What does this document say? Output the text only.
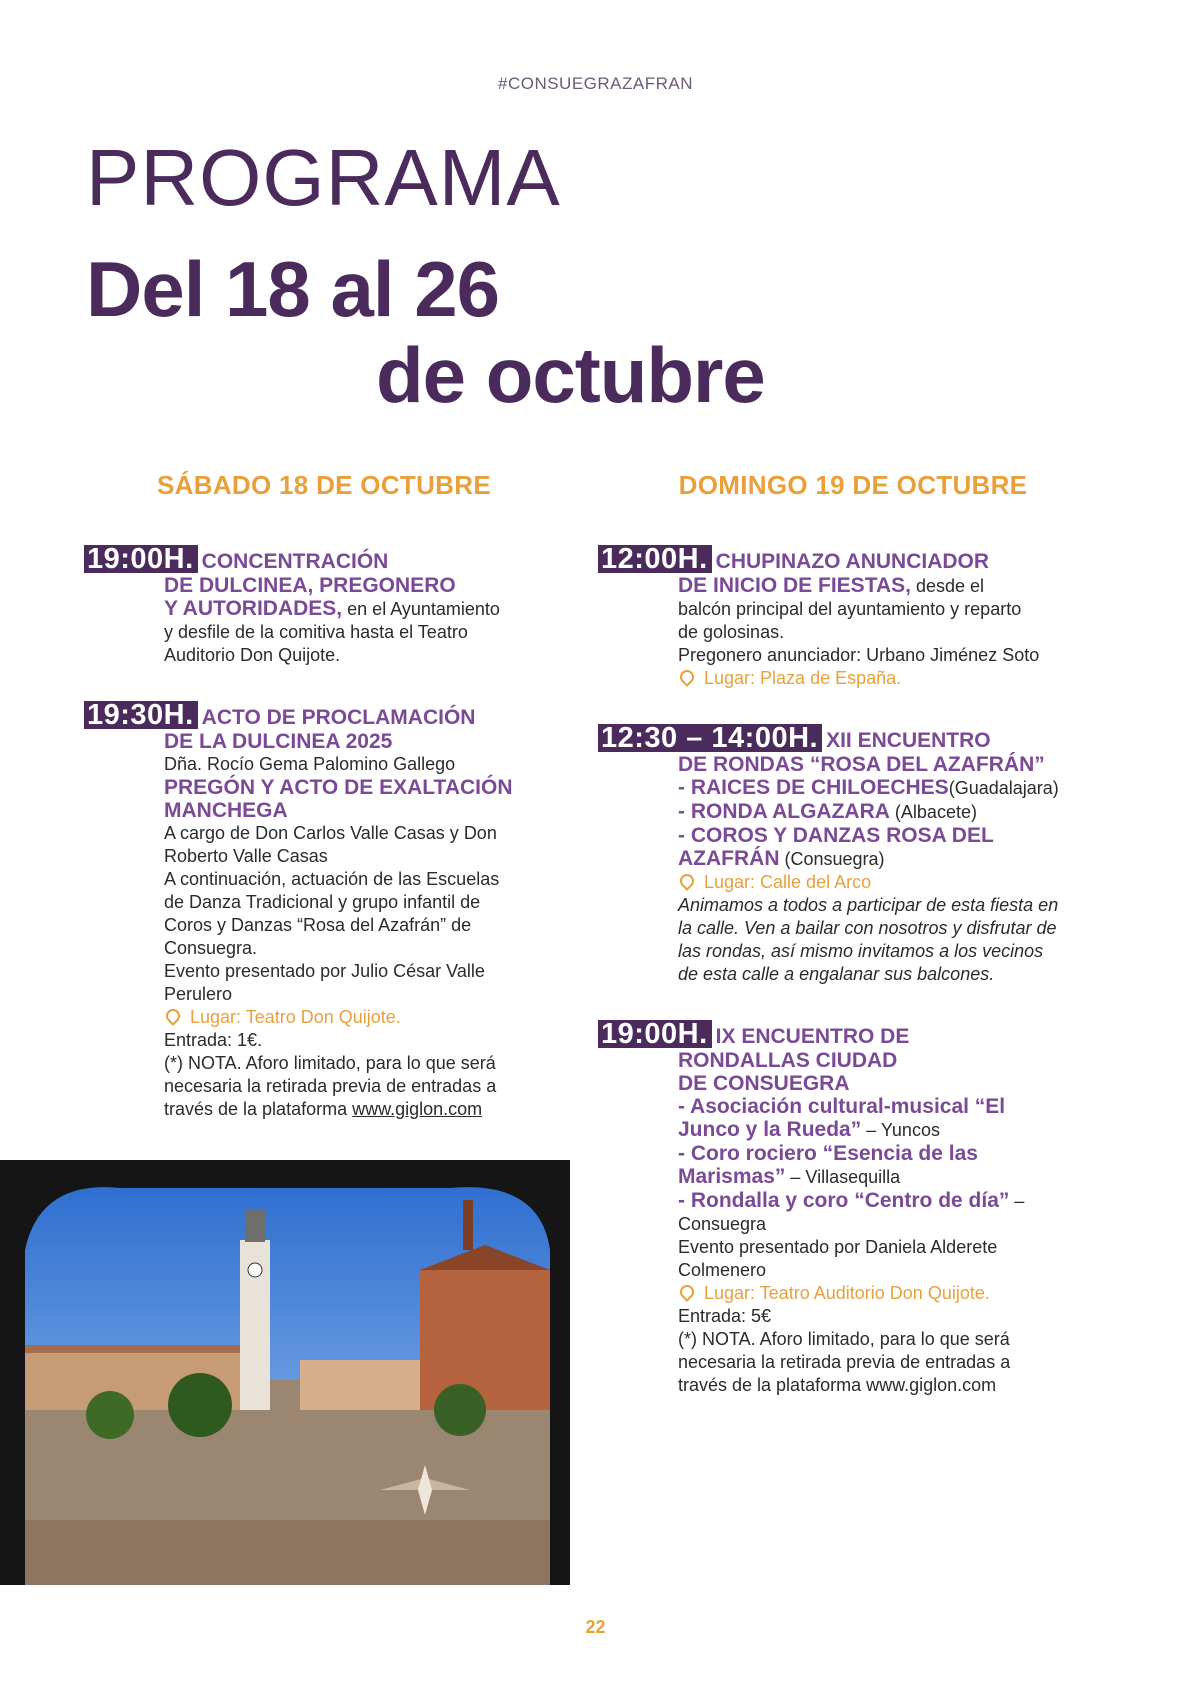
#CONSUEGRAZAFRAN
PROGRAMA
Del 18 al 26
de octubre
SÁBADO 18 DE OCTUBRE
19:00H. CONCENTRACIÓN
DE DULCINEA, PREGONERO
Y AUTORIDADES, en el Ayuntamiento
y desfile de la comitiva hasta el Teatro
Auditorio Don Quijote.
19:30H. ACTO DE PROCLAMACIÓN
DE LA DULCINEA 2025
Dña. Rocío Gema Palomino Gallego

PREGÓN Y ACTO DE EXALTACIÓN
MANCHEGA
A cargo de Don Carlos Valle Casas y Don
Roberto Valle Casas
A continuación, actuación de las Escuelas
de Danza Tradicional y grupo infantil de
Coros y Danzas “Rosa del Azafrán” de
Consuegra.
Evento presentado por Julio César Valle
Perulero
Lugar: Teatro Don Quijote.
Entrada: 1€.
(*) NOTA. Aforo limitado, para lo que será
necesaria la retirada previa de entradas a
través de la plataforma www.giglon.com
DOMINGO 19 DE OCTUBRE
12:00H. CHUPINAZO ANUNCIADOR
DE INICIO DE FIESTAS, desde el
balcón principal del ayuntamiento y reparto
de golosinas.
Pregonero anunciador: Urbano Jiménez Soto
Lugar: Plaza de España.
12:30 – 14:00H. XII ENCUENTRO
DE RONDAS “ROSA DEL AZAFRÁN”
- RAICES DE CHILOECHES(Guadalajara)
- RONDA ALGAZARA (Albacete)

- COROS Y DANZAS ROSA DEL
AZAFRÁN (Consuegra)
Lugar: Calle del Arco
Animamos a todos a participar de esta fiesta en
la calle. Ven a bailar con nosotros y disfrutar de
las rondas, así mismo invitamos a los vecinos
de esta calle a engalanar sus balcones.
19:00H. IX ENCUENTRO DE
RONDALLAS CIUDAD
DE CONSUEGRA
- Asociación cultural-musical “El
Junco y la Rueda” – Yuncos

- Coro rociero “Esencia de las
Marismas” – Villasequilla
- Rondalla y coro “Centro de día” –
Consuegra
Evento presentado por Daniela Alderete
Colmenero
Lugar: Teatro Auditorio Don Quijote.
Entrada: 5€
(*) NOTA. Aforo limitado, para lo que será
necesaria la retirada previa de entradas a
través de la plataforma www.giglon.com
22
